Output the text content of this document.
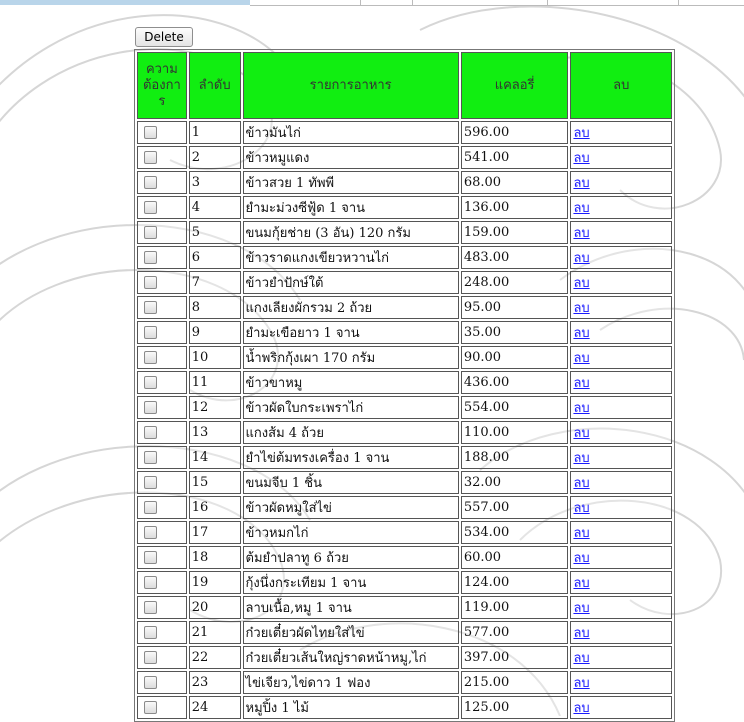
Delete
ความต้องการ	ลำดับ	รายการอาหาร	แคลอรี่	ลบ
	1	ข้าวมันไก่	596.00	ลบ
	2	ข้าวหมูแดง	541.00	ลบ
	3	ข้าวสวย 1 ทัพพี	68.00	ลบ
	4	ยำมะม่วงซีฟู้ด 1 จาน	136.00	ลบ
	5	ขนมกุ้ยช่าย (3 อัน) 120 กรัม	159.00	ลบ
	6	ข้าวราดแกงเขียวหวานไก่	483.00	ลบ
	7	ข้าวยำปักษ์ใต้	248.00	ลบ
	8	แกงเลียงผักรวม 2 ถ้วย	95.00	ลบ
	9	ยำมะเขือยาว 1 จาน	35.00	ลบ
	10	น้ำพริกกุ้งเผา 170 กรัม	90.00	ลบ
	11	ข้าวขาหมู	436.00	ลบ
	12	ข้าวผัดใบกระเพราไก่	554.00	ลบ
	13	แกงส้ม 4 ถ้วย	110.00	ลบ
	14	ยำไข่ต้มทรงเครื่อง 1 จาน	188.00	ลบ
	15	ขนมจีบ 1 ชิ้น	32.00	ลบ
	16	ข้าวผัดหมูใส่ไข่	557.00	ลบ
	17	ข้าวหมกไก่	534.00	ลบ
	18	ต้มยำปลาทู 6 ถ้วย	60.00	ลบ
	19	กุ้งนึ่งกระเทียม 1 จาน	124.00	ลบ
	20	ลาบเนื้อ,หมู 1 จาน	119.00	ลบ
	21	ก๋วยเตี๋ยวผัดไทยใส่ไข่	577.00	ลบ
	22	ก๋วยเตี๋ยวเส้นใหญ่ราดหน้าหมู,ไก่	397.00	ลบ
	23	ไข่เจียว,ไข่ดาว 1 ฟอง	215.00	ลบ
	24	หมูปิ้ง 1 ไม้	125.00	ลบ
